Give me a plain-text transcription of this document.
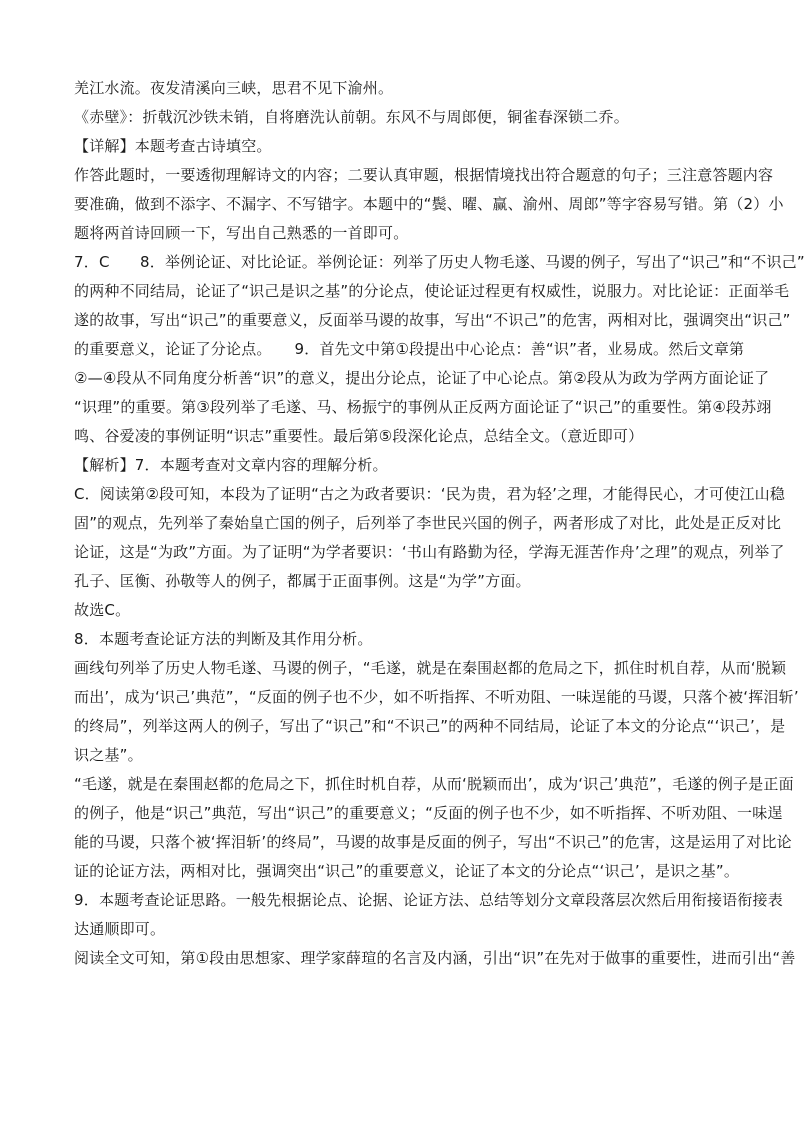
羌江水流。夜发清溪向三峡，思君不见下渝州。
《赤壁》：折戟沉沙铁未销，自将磨洗认前朝。东风不与周郎便，铜雀春深锁二乔。
【详解】本题考查古诗填空。
作答此题时，一要透彻理解诗文的内容；二要认真审题，根据情境找出符合题意的句子；三注意答题内容
要准确，做到不添字、不漏字、不写错字。本题中的“鬓、曜、赢、渝州、周郎”等字容易写错。第（2）小
题将两首诗回顾一下，写出自己熟悉的一首即可。
7．C　　8．举例论证、对比论证。举例论证：列举了历史人物毛遂、马谡的例子，写出了“识己”和“不识己”
的两种不同结局，论证了“识己是识之基”的分论点，使论证过程更有权威性，说服力。对比论证：正面举毛
遂的故事，写出“识己”的重要意义，反面举马谡的故事，写出“不识己”的危害，两相对比，强调突出“识己”
的重要意义，论证了分论点。　　9．首先文中第①段提出中心论点：善“识”者，业易成。然后文章第
②—④段从不同角度分析善“识”的意义，提出分论点，论证了中心论点。第②段从为政为学两方面论证了
“识理”的重要。第③段列举了毛遂、马、杨振宁的事例从正反两方面论证了“识己”的重要性。第④段苏翊
鸣、谷爱凌的事例证明“识志”重要性。最后第⑤段深化论点，总结全文。（意近即可）
【解析】7．本题考查对文章内容的理解分析。
C．阅读第②段可知，本段为了证明“古之为政者要识：‘民为贵，君为轻’之理，才能得民心，才可使江山稳
固”的观点，先列举了秦始皇亡国的例子，后列举了李世民兴国的例子，两者形成了对比，此处是正反对比
论证，这是“为政”方面。为了证明“为学者要识：‘书山有路勤为径，学海无涯苦作舟’之理”的观点，列举了
孔子、匡衡、孙敬等人的例子，都属于正面事例。这是“为学”方面。
故选C。
8．本题考查论证方法的判断及其作用分析。
画线句列举了历史人物毛遂、马谡的例子，“毛遂，就是在秦围赵都的危局之下，抓住时机自荐，从而‘脱颖
而出’，成为‘识己’典范”，“反面的例子也不少，如不听指挥、不听劝阻、一味逞能的马谡，只落个被‘挥泪斩’
的终局”，列举这两人的例子，写出了“识己”和“不识己”的两种不同结局，论证了本文的分论点“‘识己’，是
识之基”。
“毛遂，就是在秦围赵都的危局之下，抓住时机自荐，从而‘脱颖而出’，成为‘识己’典范”，毛遂的例子是正面
的例子，他是“识己”典范，写出“识己”的重要意义；“反面的例子也不少，如不听指挥、不听劝阻、一味逞
能的马谡，只落个被‘挥泪斩’的终局”，马谡的故事是反面的例子，写出“不识己”的危害，这是运用了对比论
证的论证方法，两相对比，强调突出“识己”的重要意义，论证了本文的分论点“‘识己’，是识之基”。
9．本题考查论证思路。一般先根据论点、论据、论证方法、总结等划分文章段落层次然后用衔接语衔接表
达通顺即可。
阅读全文可知，第①段由思想家、理学家薛瑄的名言及内涵，引出“识”在先对于做事的重要性，进而引出“善
